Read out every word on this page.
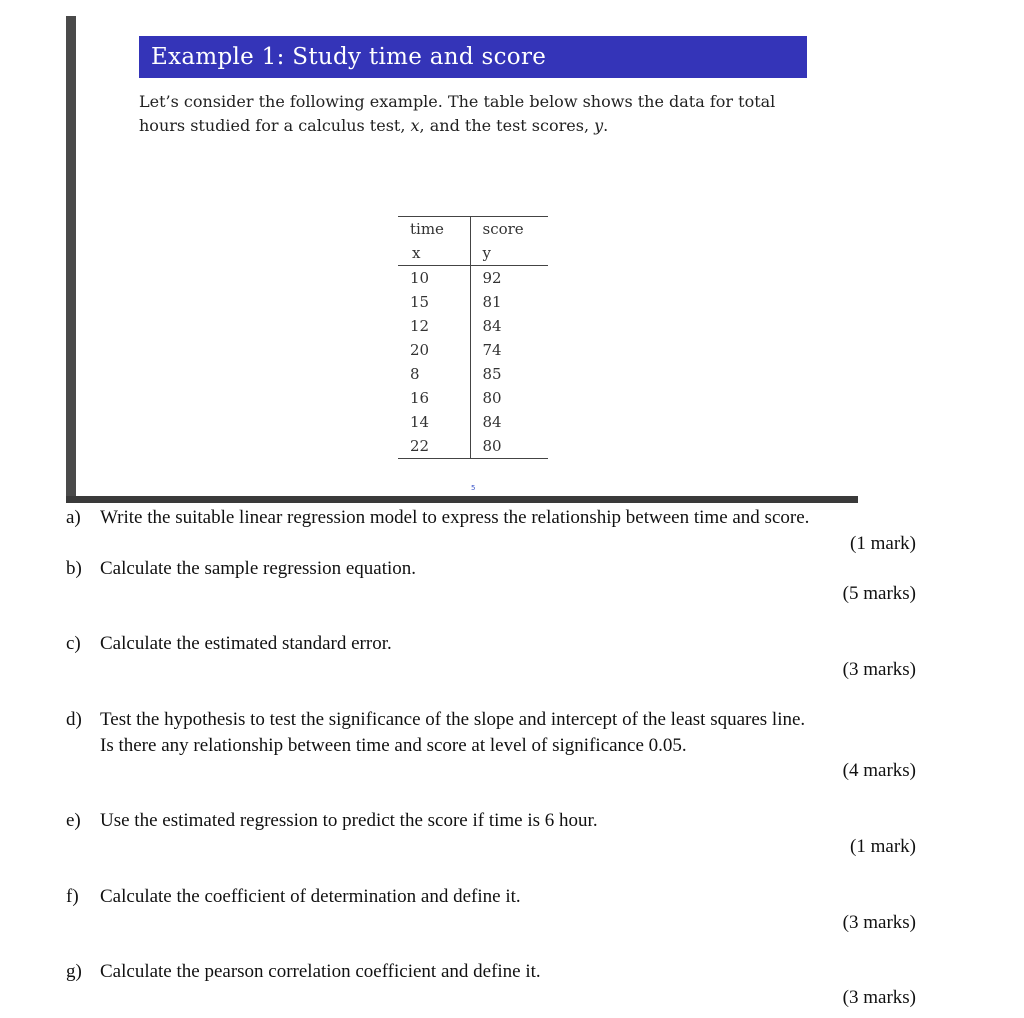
Example 1: Study time and score

Let’s consider the following example. The table below shows the data for total hours studied for a calculus test, x, and the test scores, y.

time	score
x	y
10	92
15	81
12	84
20	74
8	85
16	80
14	84
22	80
5
a)	Write the suitable linear regression model to express the relationship between time and score.
(1 mark)
b) Calculate the sample regression equation.
(5 marks)
c)	Calculate the estimated standard error.
(3 marks)
d) Test the hypothesis to test the significance of the slope and intercept of the least squares line.
Is there any relationship between time and score at level of significance 0.05.
(4 marks)
e)	Use the estimated regression to predict the score if time is 6 hour.
(1 mark)
f)	Calculate the coefficient of determination and define it.
(3 marks)
g) Calculate the pearson correlation coefficient and define it.
(3 marks)
